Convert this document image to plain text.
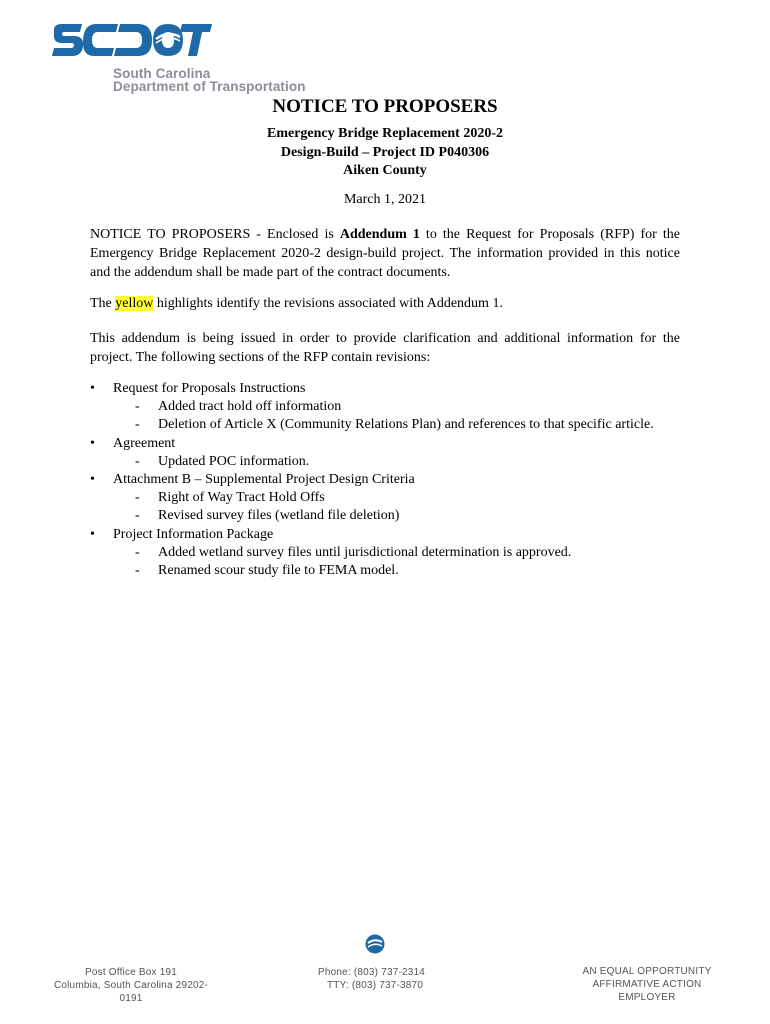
South Carolina
Department of Transportation
NOTICE TO PROPOSERS
Emergency Bridge Replacement 2020-2
Design-Build – Project ID P040306
Aiken County
March 1, 2021
NOTICE TO PROPOSERS - Enclosed is Addendum 1 to the Request for Proposals (RFP) for the Emergency Bridge Replacement 2020-2 design-build project. The information provided in this notice and the addendum shall be made part of the contract documents.
The yellow highlights identify the revisions associated with Addendum 1.
This addendum is being issued in order to provide clarification and additional information for the project. The following sections of the RFP contain revisions:
• Request for Proposals Instructions
- Added tract hold off information
- Deletion of Article X (Community Relations Plan) and references to that specific article.
• Agreement
- Updated POC information.
• Attachment B – Supplemental Project Design Criteria
- Right of Way Tract Hold Offs
- Revised survey files (wetland file deletion)
• Project Information Package
- Added wetland survey files until jurisdictional determination is approved.
- Renamed scour study file to FEMA model.
Post Office Box 191
Columbia, South Carolina 29202-0191
Phone: (803) 737-2314
TTY: (803) 737-3870
AN EQUAL OPPORTUNITY
AFFIRMATIVE ACTION EMPLOYER
